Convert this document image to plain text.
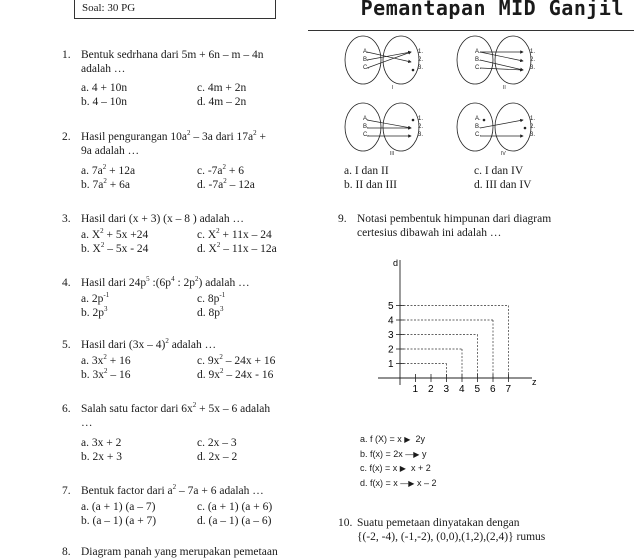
Soal: 30 PG	Pemantapan MID Ganjil
1. Bentuk sedrhana dari 5m + 6n – m – 4n
adalah …
a. 4 + 10n
b. 4 – 10n
c. 4m + 2n
d. 4m – 2n
2. Hasil pengurangan $10a^2 - 3a$ dari $17a^2$ +
9a adalah …
a. $7a^2 + 12a$
b. $7a^2 + 6a$
c. $-7a^2 + 6$
d. $-7a^2 - 12a$
3. Hasil dari (x + 3) (x – 8 ) adalah …
a. $X^2 + 5x +24$
b. $X^2 - 5x - 24$
c. $X^2 + 11x - 24$
d. $X^2 - 11x - 12a$
4. Hasil dari $24p^5$ $:(6p^4$ : $2p^2$) adalah …
a. $2p^{-1}$
b. $2p^3$
c. $8p^{-1}$
d. $8p^3$
5. Hasil dari (3x – 4)$^2$ adalah …
a. $3x^2 + 16$
b. $3x^2 - 16$
c. $9x^2 - 24x + 16$
d. $9x^2 - 24x - 16$
6. Salah satu factor dari $6x^2 + 5x - 6$ adalah
…
a. 3x + 2
b. 2x + 3
c. 2x – 3
d. 2x – 2
7. Bentuk factor dari $a^2 - 7a + 6$ adalah …
a. (a + 1) (a – 7)
b. (a – 1) (a + 7)
c. (a + 1) (a + 6)
d. (a – 1) (a – 6)
8. Diagram panah yang merupakan pemetaan
A.
B.
C.
1.
2.
3.
I
A.
B.
C.
1.
2.
3.
II
A.
B.
C.
1.
2.
3.
III
A.
B.
C.
1.
2.
3.
IV
a. I dan II
b. II dan III
c. I dan IV
d. III dan IV
9. Notasi pembentuk himpunan dari diagram
certesius dibawah ini adalah …
d
z
1 2 3 4 5 6 7
1
2
3
4
5
a. f (X) = x ▶ 2y
b. f(x) = 2x —▶ y
c. f(x) = x ▶ x + 2
d. f(x) = x —▶ x – 2
10. Suatu pemetaan dinyatakan dengan
{(-2, -4), (-1,-2), (0,0),(1,2),(2,4)} rumus
